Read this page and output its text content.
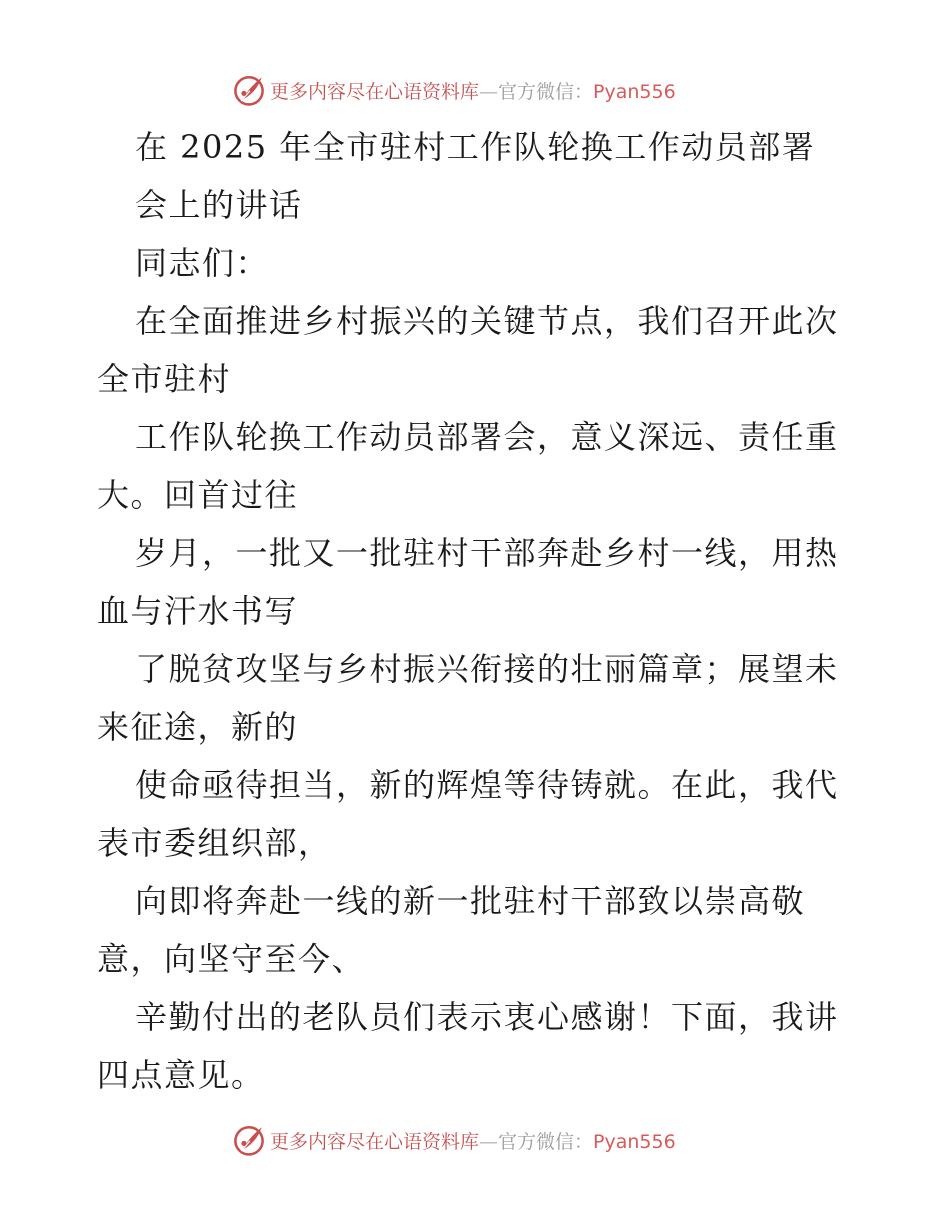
更多内容尽在心语资料库—官方微信：Pyan556
在 2025 年全市驻村工作队轮换工作动员部署
会上的讲话
同志们：
在全面推进乡村振兴的关键节点，我们召开此次
全市驻村
工作队轮换工作动员部署会，意义深远、责任重
大。回首过往
岁月，一批又一批驻村干部奔赴乡村一线，用热
血与汗水书写
了脱贫攻坚与乡村振兴衔接的壮丽篇章；展望未
来征途，新的
使命亟待担当，新的辉煌等待铸就。在此，我代
表市委组织部，
向即将奔赴一线的新一批驻村干部致以崇高敬
意，向坚守至今、
辛勤付出的老队员们表示衷心感谢！下面，我讲
四点意见。
更多内容尽在心语资料库—官方微信：Pyan556
